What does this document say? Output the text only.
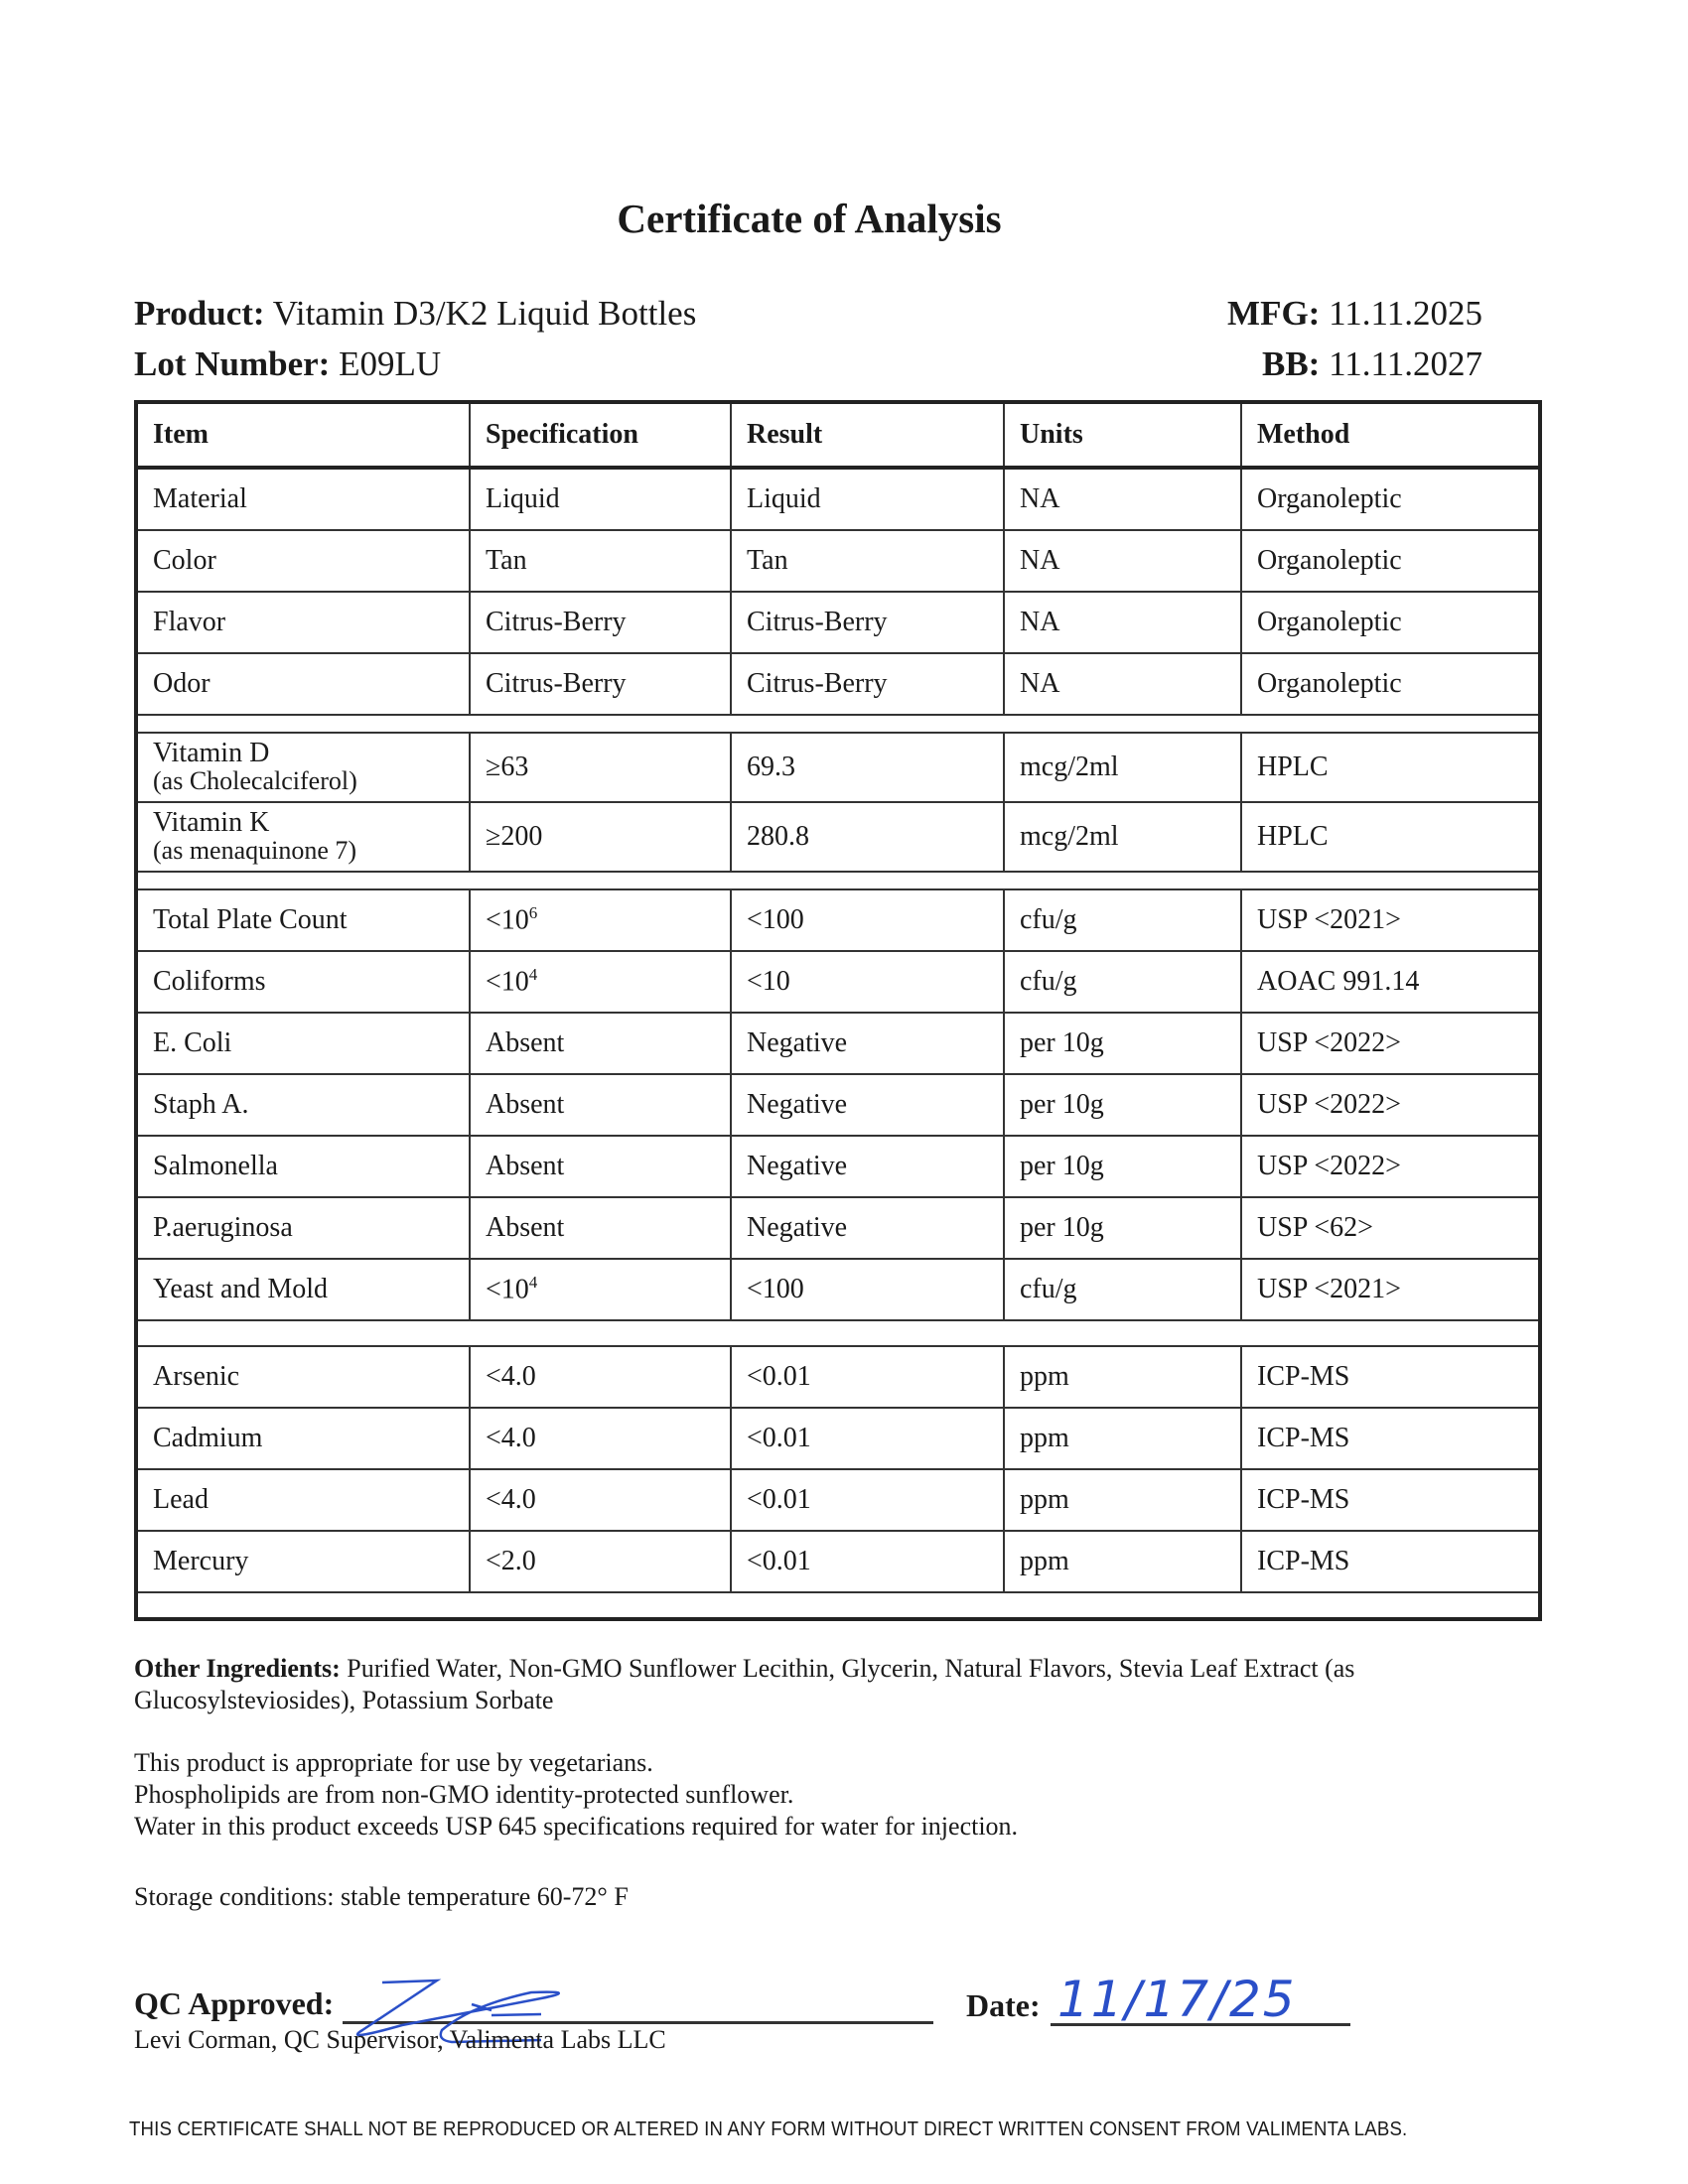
Certificate of Analysis
Product: Vitamin D3/K2 Liquid Bottles
Lot Number: E09LU
MFG: 11.11.2025
BB: 11.11.2027
Item	Specification	Result	Units	Method
Material	Liquid	Liquid	NA	Organoleptic
Color	Tan	Tan	NA	Organoleptic
Flavor	Citrus-Berry	Citrus-Berry	NA	Organoleptic
Odor	Citrus-Berry	Citrus-Berry	NA	Organoleptic

Vitamin D
(as Cholecalciferol)	≥63	69.3	mcg/2ml	HPLC

Vitamin K
(as menaquinone 7)	≥200	280.8	mcg/2ml	HPLC

Total Plate Count	$<10^6$	<100	cfu/g	USP <2021>
Coliforms	$<10^4$	<10	cfu/g	AOAC 991.14
E. Coli	Absent	Negative	per 10g	USP <2022>
Staph A.	Absent	Negative	per 10g	USP <2022>
Salmonella	Absent	Negative	per 10g	USP <2022>
P.aeruginosa	Absent	Negative	per 10g	USP <62>
Yeast and Mold	$<10^4$	<100	cfu/g	USP <2021>

Arsenic	<4.0	<0.01	ppm	ICP-MS
Cadmium	<4.0	<0.01	ppm	ICP-MS
Lead	<4.0	<0.01	ppm	ICP-MS
Mercury	<2.0	<0.01	ppm	ICP-MS

Other Ingredients: Purified Water, Non-GMO Sunflower Lecithin, Glycerin, Natural Flavors, Stevia Leaf Extract (as Glucosylsteviosides), Potassium Sorbate
This product is appropriate for use by vegetarians.
Phospholipids are from non-GMO identity-protected sunflower.
Water in this product exceeds USP 645 specifications required for water for injection.
Storage conditions: stable temperature 60-72° F
QC Approved:
Levi Corman, QC Supervisor, Valimenta Labs LLC
Date: 11/17/25
THIS CERTIFICATE SHALL NOT BE REPRODUCED OR ALTERED IN ANY FORM WITHOUT DIRECT WRITTEN CONSENT FROM VALIMENTA LABS.
